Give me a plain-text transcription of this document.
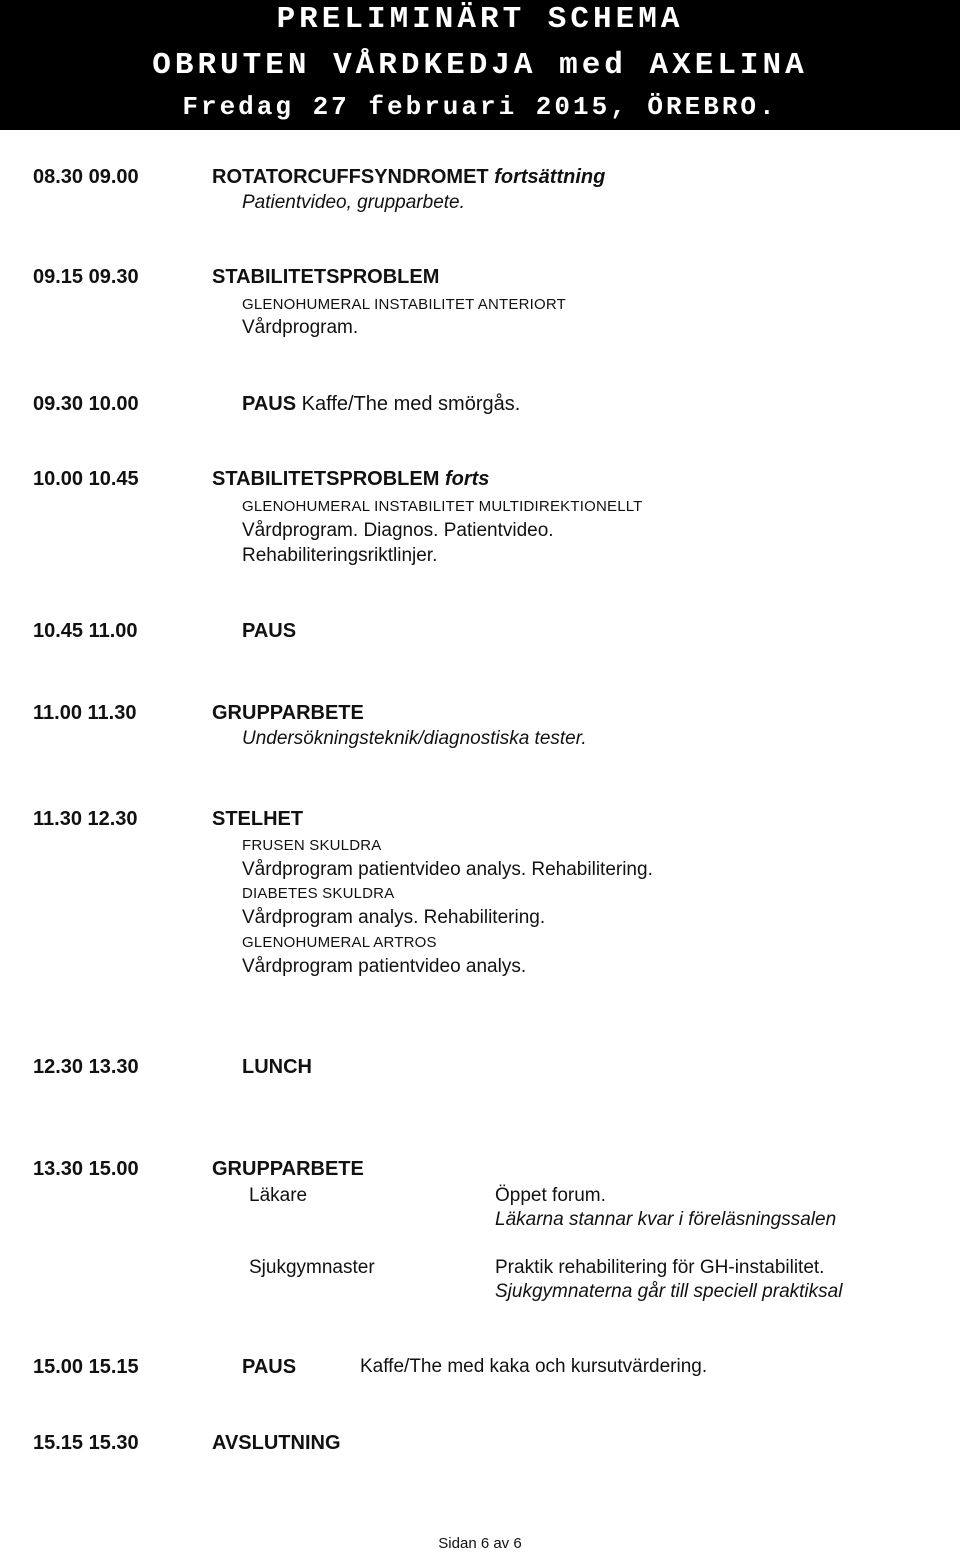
PRELIMINÄRT SCHEMA
OBRUTEN VÅRDKEDJA med AXELINA
Fredag 27 februari 2015, ÖREBRO.
08.30 09.00	ROTATORCUFFSYNDROMET fortsättning
Patientvideo, grupparbete.
09.15 09.30	STABILITETSPROBLEM
GLENOHUMERAL INSTABILITET ANTERIORT
Vårdprogram.
09.30 10.00	PAUS Kaffe/The med smörgås.
10.00 10.45	STABILITETSPROBLEM forts
GLENOHUMERAL INSTABILITET MULTIDIREKTIONELLT
Vårdprogram. Diagnos. Patientvideo.
Rehabiliteringsriktlinjer.
10.45 11.00	PAUS
11.00 11.30	GRUPPARBETE
Undersökningsteknik/diagnostiska tester.
11.30 12.30	STELHET
FRUSEN SKULDRA
Vårdprogram patientvideo analys. Rehabilitering.
DIABETES SKULDRA
Vårdprogram analys. Rehabilitering.
GLENOHUMERAL ARTROS
Vårdprogram patientvideo analys.
12.30 13.30	LUNCH
13.30 15.00	GRUPPARBETE
Läkare	Öppet forum.
Läkarna stannar kvar i föreläsningssalen
Sjukgymnaster	Praktik rehabilitering för GH-instabilitet.
Sjukgymnaterna går till speciell praktiksal
15.00 15.15	PAUS	Kaffe/The med kaka och kursutvärdering.
15.15 15.30	AVSLUTNING
Sidan 6 av 6
